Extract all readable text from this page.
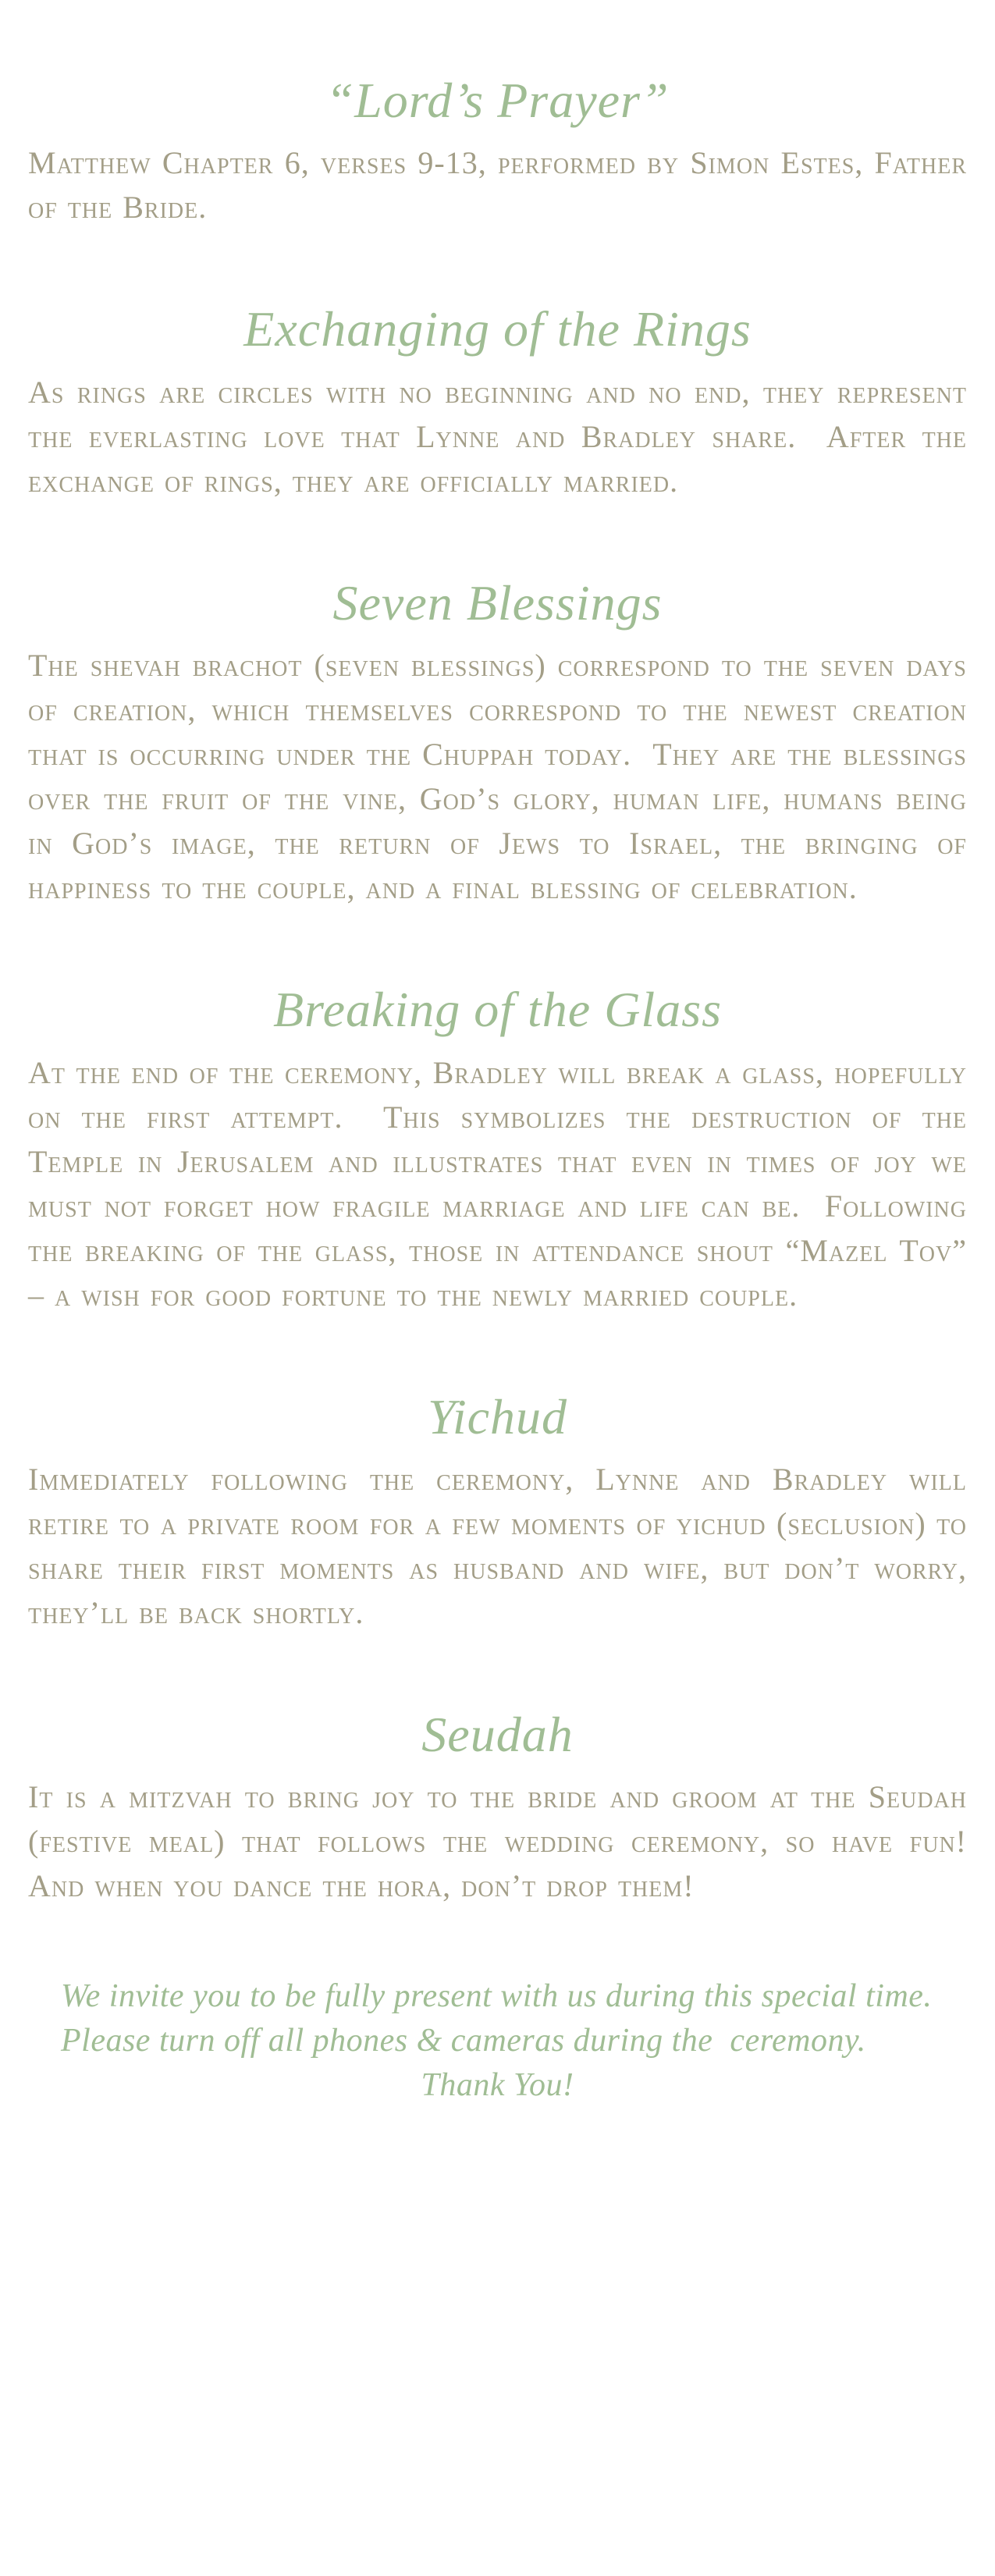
“Lord’s Prayer”

Matthew Chapter 6, verses 9-13, performed by Simon Estes, Father of the Bride.

Exchanging of the Rings

As rings are circles with no beginning and no end, they represent the everlasting love that Lynne and Bradley share.  After the exchange of rings, they are officially married.

Seven Blessings

The shevah brachot (seven blessings) correspond to the seven days of creation, which themselves correspond to the newest creation that is occurring under the Chuppah today.  They are the blessings over the fruit of the vine, God’s glory, human life, humans being in God’s image, the return of Jews to Israel, the bringing of happiness to the couple, and a final blessing of celebration.

Breaking of the Glass

At the end of the ceremony, Bradley will break a glass, hopefully on the first attempt.  This symbolizes the destruction of the Temple in Jerusalem and illustrates that even in times of joy we must not forget how fragile marriage and life can be.  Following the breaking of the glass, those in attendance shout “Mazel Tov” – a wish for good fortune to the newly married couple.

Yichud

Immediately following the ceremony, Lynne and Bradley will retire to a private room for a few moments of yichud (seclusion) to share their first moments as husband and wife, but don’t worry, they’ll be back shortly.

Seudah

It is a mitzvah to bring joy to the bride and groom at the Seudah (festive meal) that follows the wedding ceremony, so have fun!  And when you dance the hora, don’t drop them!

We invite you to be fully present with us during this special time.
Please turn off all phones & cameras during the  ceremony.
Thank You!
